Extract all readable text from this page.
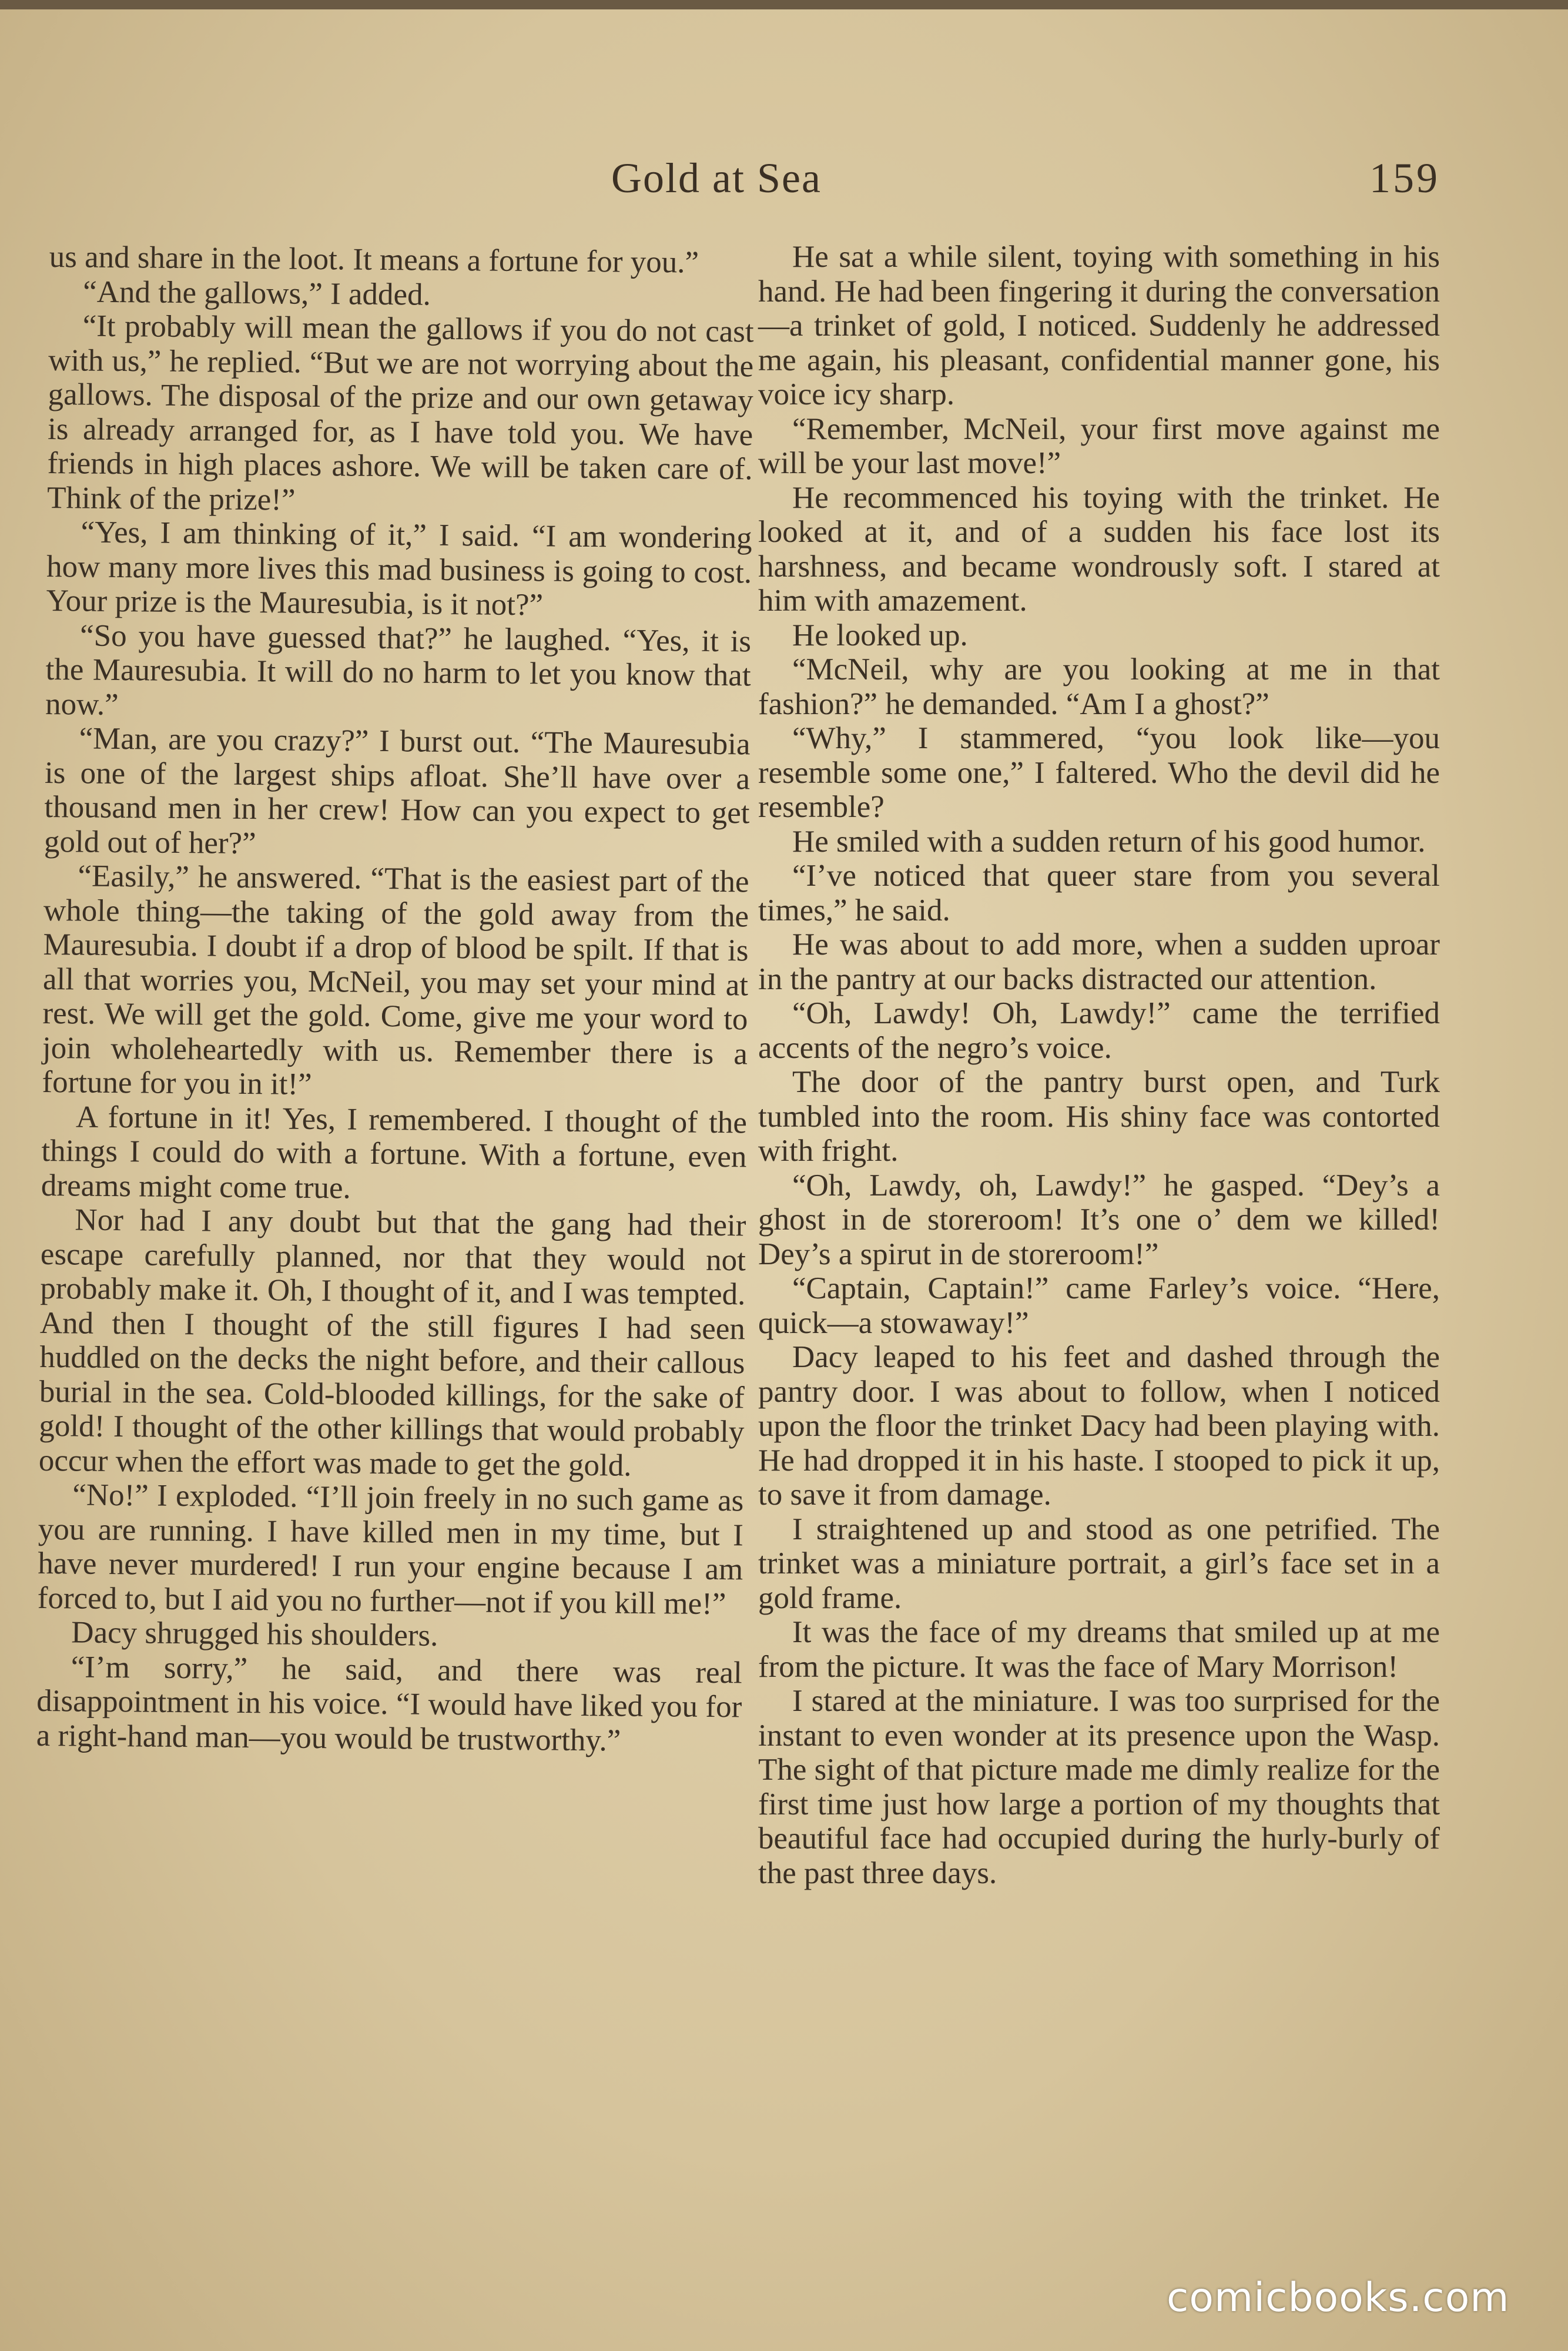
Gold at Sea	159

us and share in the loot. It means a fortune for you.”

“And the gallows,” I added.

“It probably will mean the gallows if you do not cast with us,” he replied. “But we are not worrying about the gallows. The disposal of the prize and our own getaway is already arranged for, as I have told you. We have friends in high places ashore. We will be taken care of. Think of the prize!”

“Yes, I am thinking of it,” I said. “I am wondering how many more lives this mad business is going to cost. Your prize is the Mauresubia, is it not?”

“So you have guessed that?” he laughed. “Yes, it is the Mauresubia. It will do no harm to let you know that now.”

“Man, are you crazy?” I burst out. “The Mauresubia is one of the largest ships afloat. She’ll have over a thousand men in her crew! How can you expect to get gold out of her?”

“Easily,” he answered. “That is the easiest part of the whole thing—the taking of the gold away from the Mauresubia. I doubt if a drop of blood be spilt. If that is all that worries you, McNeil, you may set your mind at rest. We will get the gold. Come, give me your word to join wholeheartedly with us. Remember there is a fortune for you in it!”

A fortune in it! Yes, I remembered. I thought of the things I could do with a fortune. With a fortune, even dreams might come true.

Nor had I any doubt but that the gang had their escape carefully planned, nor that they would not probably make it. Oh, I thought of it, and I was tempted. And then I thought of the still figures I had seen huddled on the decks the night before, and their callous burial in the sea. Cold-blooded killings, for the sake of gold! I thought of the other killings that would probably occur when the effort was made to get the gold.

“No!” I exploded. “I’ll join freely in no such game as you are running. I have killed men in my time, but I have never murdered! I run your engine because I am forced to, but I aid you no further—not if you kill me!”

Dacy shrugged his shoulders.

“I’m sorry,” he said, and there was real disappointment in his voice. “I would have liked you for a right-hand man—you would be trustworthy.”

He sat a while silent, toying with something in his hand. He had been fingering it during the conversation—a trinket of gold, I noticed. Suddenly he addressed me again, his pleasant, confidential manner gone, his voice icy sharp.

“Remember, McNeil, your first move against me will be your last move!”

He recommenced his toying with the trinket. He looked at it, and of a sudden his face lost its harshness, and became wondrously soft. I stared at him with amazement.

He looked up.

“McNeil, why are you looking at me in that fashion?” he demanded. “Am I a ghost?”

“Why,” I stammered, “you look like—you resemble some one,” I faltered. Who the devil did he resemble?

He smiled with a sudden return of his good humor.

“I’ve noticed that queer stare from you several times,” he said.

He was about to add more, when a sudden uproar in the pantry at our backs distracted our attention.

“Oh, Lawdy! Oh, Lawdy!” came the terrified accents of the negro’s voice.

The door of the pantry burst open, and Turk tumbled into the room. His shiny face was contorted with fright.

“Oh, Lawdy, oh, Lawdy!” he gasped. “Dey’s a ghost in de storeroom! It’s one o’ dem we killed! Dey’s a spirut in de storeroom!”

“Captain, Captain!” came Farley’s voice. “Here, quick—a stowaway!”

Dacy leaped to his feet and dashed through the pantry door. I was about to follow, when I noticed upon the floor the trinket Dacy had been playing with. He had dropped it in his haste. I stooped to pick it up, to save it from damage.

I straightened up and stood as one petrified. The trinket was a miniature portrait, a girl’s face set in a gold frame.

It was the face of my dreams that smiled up at me from the picture. It was the face of Mary Morrison!

I stared at the miniature. I was too surprised for the instant to even wonder at its presence upon the Wasp. The sight of that picture made me dimly realize for the first time just how large a portion of my thoughts that beautiful face had occupied during the hurly-burly of the past three days.

comicbooks.com
